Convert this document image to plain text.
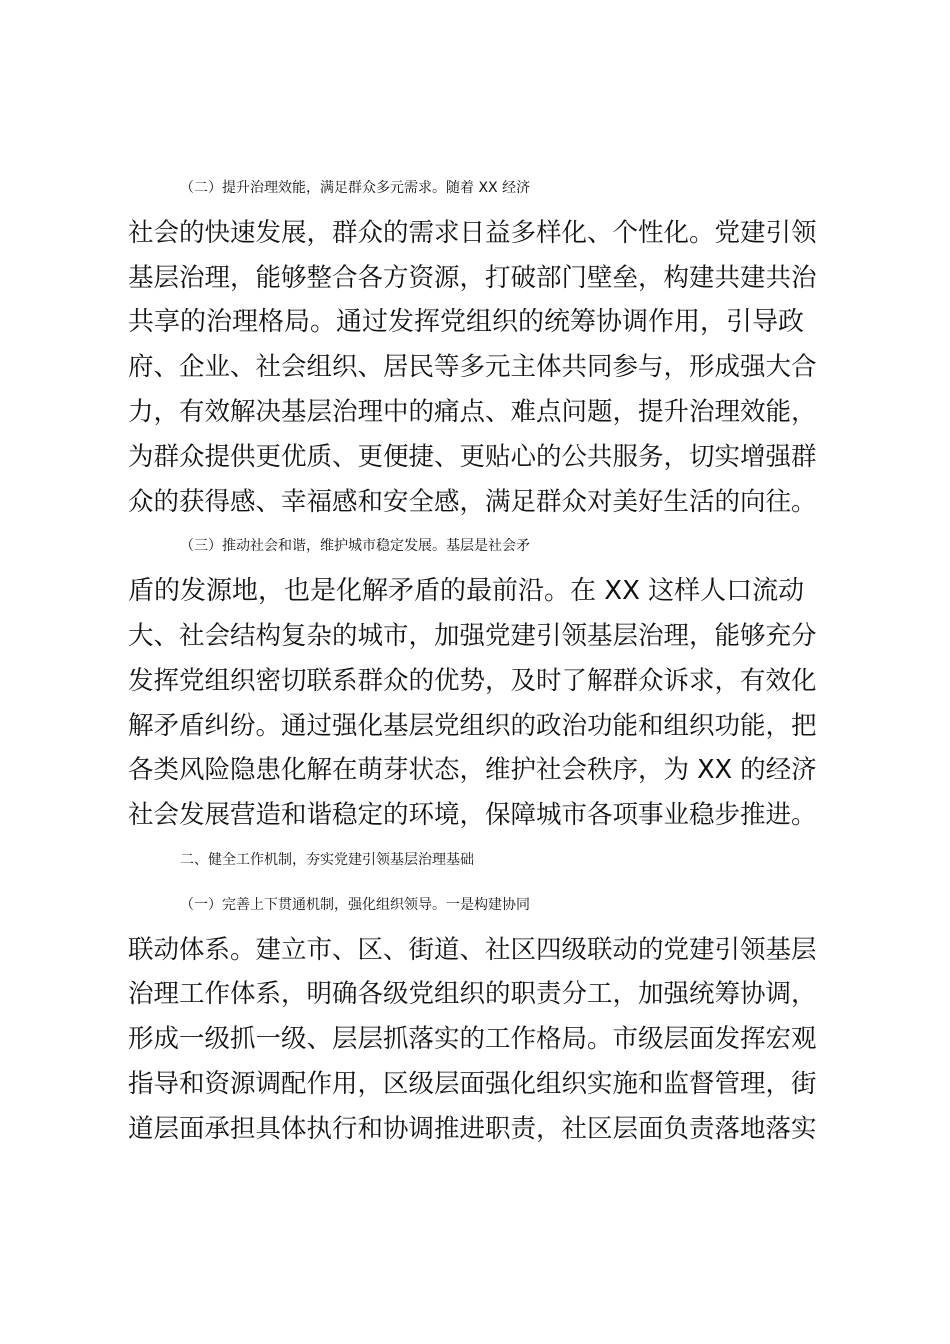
（二）提升治理效能，满足群众多元需求。随着 XX 经济
社会的快速发展，群众的需求日益多样化、个性化。党建引领
基层治理，能够整合各方资源，打破部门壁垒，构建共建共治
共享的治理格局。通过发挥党组织的统筹协调作用，引导政
府、企业、社会组织、居民等多元主体共同参与，形成强大合
力，有效解决基层治理中的痛点、难点问题，提升治理效能，
为群众提供更优质、更便捷、更贴心的公共服务，切实增强群
众的获得感、幸福感和安全感，满足群众对美好生活的向往。

（三）推动社会和谐，维护城市稳定发展。基层是社会矛
盾的发源地，也是化解矛盾的最前沿。在 XX 这样人口流动
大、社会结构复杂的城市，加强党建引领基层治理，能够充分
发挥党组织密切联系群众的优势，及时了解群众诉求，有效化
解矛盾纠纷。通过强化基层党组织的政治功能和组织功能，把
各类风险隐患化解在萌芽状态，维护社会秩序，为 XX 的经济
社会发展营造和谐稳定的环境，保障城市各项事业稳步推进。

二、健全工作机制，夯实党建引领基层治理基础

（一）完善上下贯通机制，强化组织领导。一是构建协同
联动体系。建立市、区、街道、社区四级联动的党建引领基层
治理工作体系，明确各级党组织的职责分工，加强统筹协调，
形成一级抓一级、层层抓落实的工作格局。市级层面发挥宏观
指导和资源调配作用，区级层面强化组织实施和监督管理，街
道层面承担具体执行和协调推进职责，社区层面负责落地落实
